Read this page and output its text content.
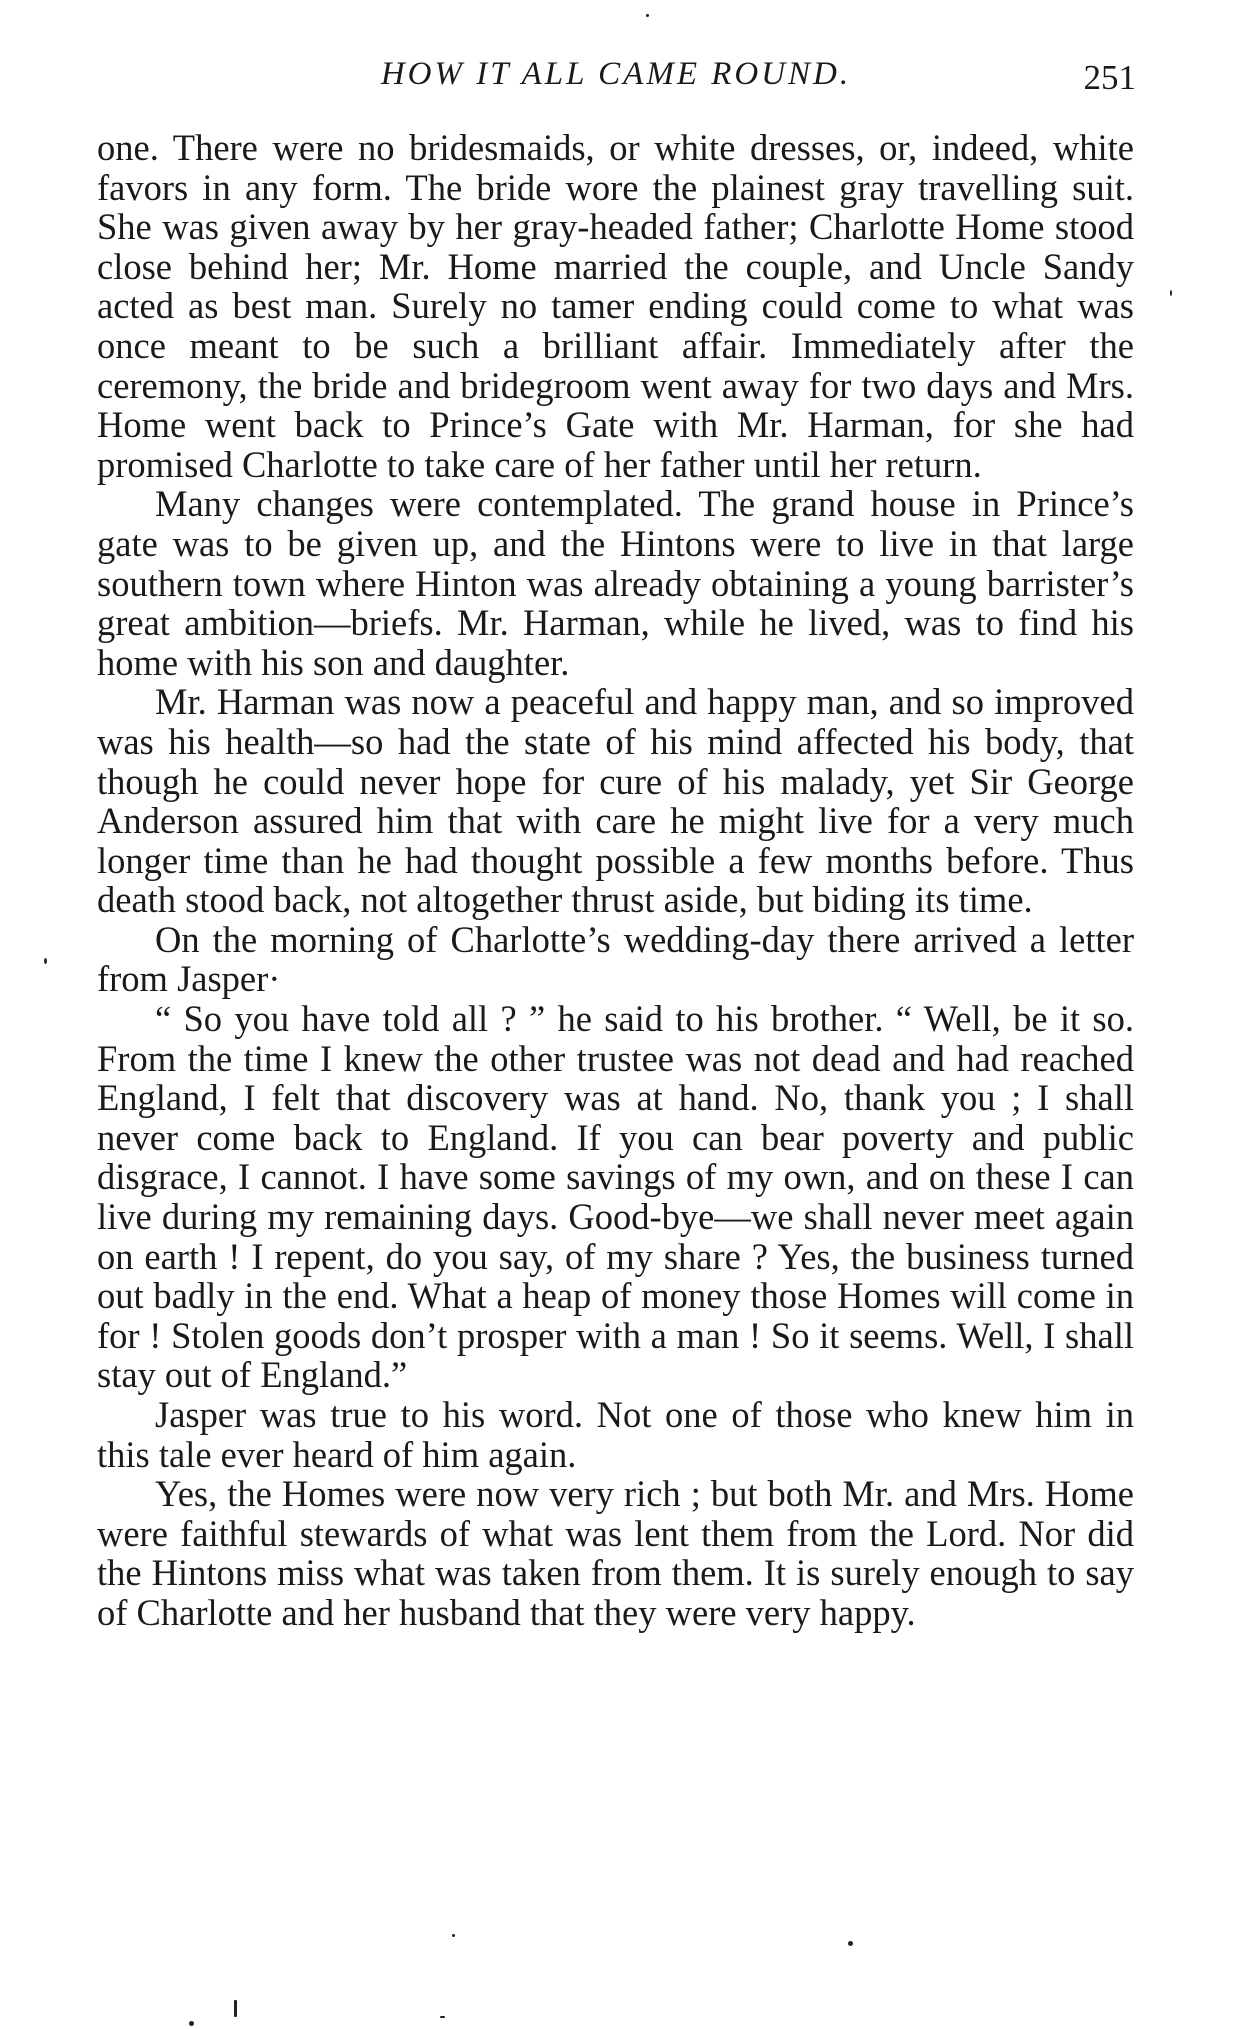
HOW IT ALL CAME ROUND.	251

one. There were no bridesmaids, or white dresses, or, indeed, white favors in any form. The bride wore the plainest gray travelling suit. She was given away by her gray-headed father; Charlotte Home stood close behind her; Mr. Home married the couple, and Uncle Sandy acted as best man. Surely no tamer ending could come to what was once meant to be such a brilliant affair. Immediately after the ceremony, the bride and bridegroom went away for two days and Mrs. Home went back to Prince’s Gate with Mr. Harman, for she had promised Charlotte to take care of her father until her return.

Many changes were contemplated. The grand house in Prince’s gate was to be given up, and the Hintons were to live in that large southern town where Hinton was already obtaining a young barrister’s great ambition—briefs. Mr. Harman, while he lived, was to find his home with his son and daughter.

Mr. Harman was now a peaceful and happy man, and so improved was his health—so had the state of his mind affected his body, that though he could never hope for cure of his malady, yet Sir George Anderson assured him that with care he might live for a very much longer time than he had thought possible a few months before. Thus death stood back, not altogether thrust aside, but biding its time.

On the morning of Charlotte’s wedding-day there arrived a letter from Jasper·

“ So you have told all ? ” he said to his brother. “ Well, be it so. From the time I knew the other trustee was not dead and had reached England, I felt that discovery was at hand. No, thank you ; I shall never come back to England. If you can bear poverty and public disgrace, I cannot. I have some savings of my own, and on these I can live during my remaining days. Good-bye—we shall never meet again on earth ! I repent, do you say, of my share ? Yes, the business turned out badly in the end. What a heap of money those Homes will come in for ! Stolen goods don’t prosper with a man ! So it seems. Well, I shall stay out of England.”

Jasper was true to his word. Not one of those who knew him in this tale ever heard of him again.

Yes, the Homes were now very rich ; but both Mr. and Mrs. Home were faithful stewards of what was lent them from the Lord. Nor did the Hintons miss what was taken from them. It is surely enough to say of Charlotte and her husband that they were very happy.
